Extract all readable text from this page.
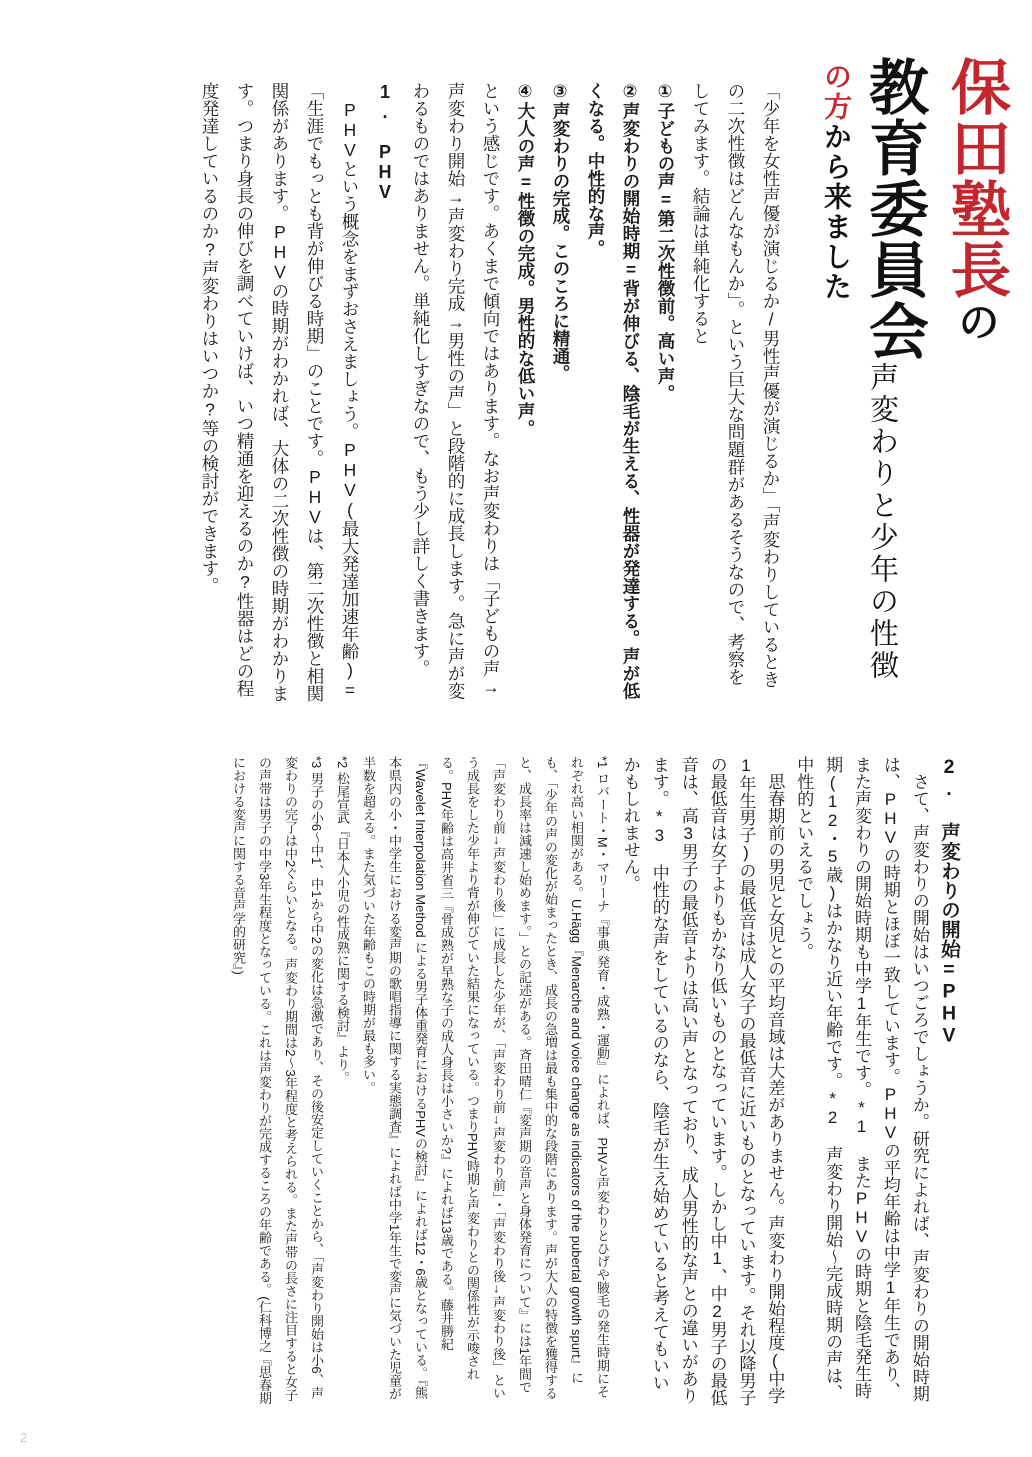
保田塾長の
教育委員会
の方から来ました
声変わりと少年の性徴

「少年を女性声優が演じるか/男性声優が演じるか」「声変わりしているときの二次性徴はどんなもんか」。という巨大な問題群があるそうなので、考察をしてみます。結論は単純化すると

①子どもの声=第二次性徴前。高い声。

②声変わりの開始時期=背が伸びる、陰毛が生える、性器が発達する。声が低くなる。中性的な声。

③声変わりの完成。このころに精通。

④大人の声=性徴の完成。男性的な低い声。

という感じです。あくまで傾向ではあります。なお声変わりは「子どもの声→声変わり開始→声変わり完成→男性の声」と段階的に成長します。急に声が変わるものではありません。単純化しすぎなので、もう少し詳しく書きます。

1. PHV

PHVという概念をまずおさえましょう。PHV(最大発達加速年齢)=「生涯でもっとも背が伸びる時期」のことです。PHVは、第二次性徴と相関関係があります。PHVの時期がわかれば、大体の二次性徴の時期がわかります。つまり身長の伸びを調べていけば、いつ精通を迎えるのか?性器はどの程度発達しているのか?声変わりはいつか?等の検討ができます。

2. 声変わりの開始=PHV

さて、声変わりの開始はいつごろでしょうか。研究によれば、声変わりの開始時期は、PHVの時期とほぼ一致しています。PHVの平均年齢は中学1年生であり、また声変わりの開始時期も中学1年生です。*1 またPHVの時期と陰毛発生時期(12・5歳)はかなり近い年齢です。*2 声変わり開始〜完成時期の声は、中性的といえるでしょう。

思春期前の男児と女児との平均音域は大差がありません。声変わり開始程度(中学1年生男子)の最低音は成人女子の最低音に近いものとなっています。それ以降男子の最低音は女子よりもかなり低いものとなっています。しかし中1、中2男子の最低音は、高3男子の最低音よりは高い声となっており、成人男性的な声との違いがあります。*3 中性的な声をしているのなら、陰毛が生え始めていると考えてもいいかもしれません。

*1 ロバート・M・マリーナ『事典 発育・成熟・運動』によれば、PHVと声変わりとひげや腋毛の発生時期にそれぞれ高い相関がある。U.Hägg『Menarche and voice change as indicators of the pubertal growth spurt』にも、「少年の声の変化が始まったとき、成長の急増は最も集中的な段階にあります。声が大人の特徴を獲得すると、成長率は減速し始めます。」との記述がある。斉田晴仁『変声期の音声と身体発育について』には1年間で「声変わり前→声変わり後」に成長した少年が、「声変わり前→声変わり前」・「声変わり後→声変わり後」という成長をした少年より背が伸びていた結果になっている。つまりPHV時期と声変わりとの関係性が示唆される。PHV年齢は高井省三『骨成熟が早熟な子の成人身長は小さいか?』によれば13歳である。藤井勝紀『Wavelet Interpolation Method による男子体重発育におけるPHVの検討』によれば12・6歳となっている。『熊本県内の小・中学生における変声期の歌唱指導に関する実態調査』によれば中学1年生で変声に気づいた児童が半数を超える。また気づいた年齢もこの時期が最も多い。

*2 松尾宣武『日本人小児の性成熟に関する検討』より。

*3 男子の小6〜中1、中1から中2の変化は急激であり、その後安定していくことから、「声変わり開始は小6、声変わりの完了は中2ぐらいとなる。声変わり期間は2〜3年程度と考えられる。また声帯の長さに注目すると女子の声帯は男子の中学3年生程度となっている。これは声変わりが完成するころの年齢である。(仁科博之『思春期における変声に関する音声学的研究』)

2
